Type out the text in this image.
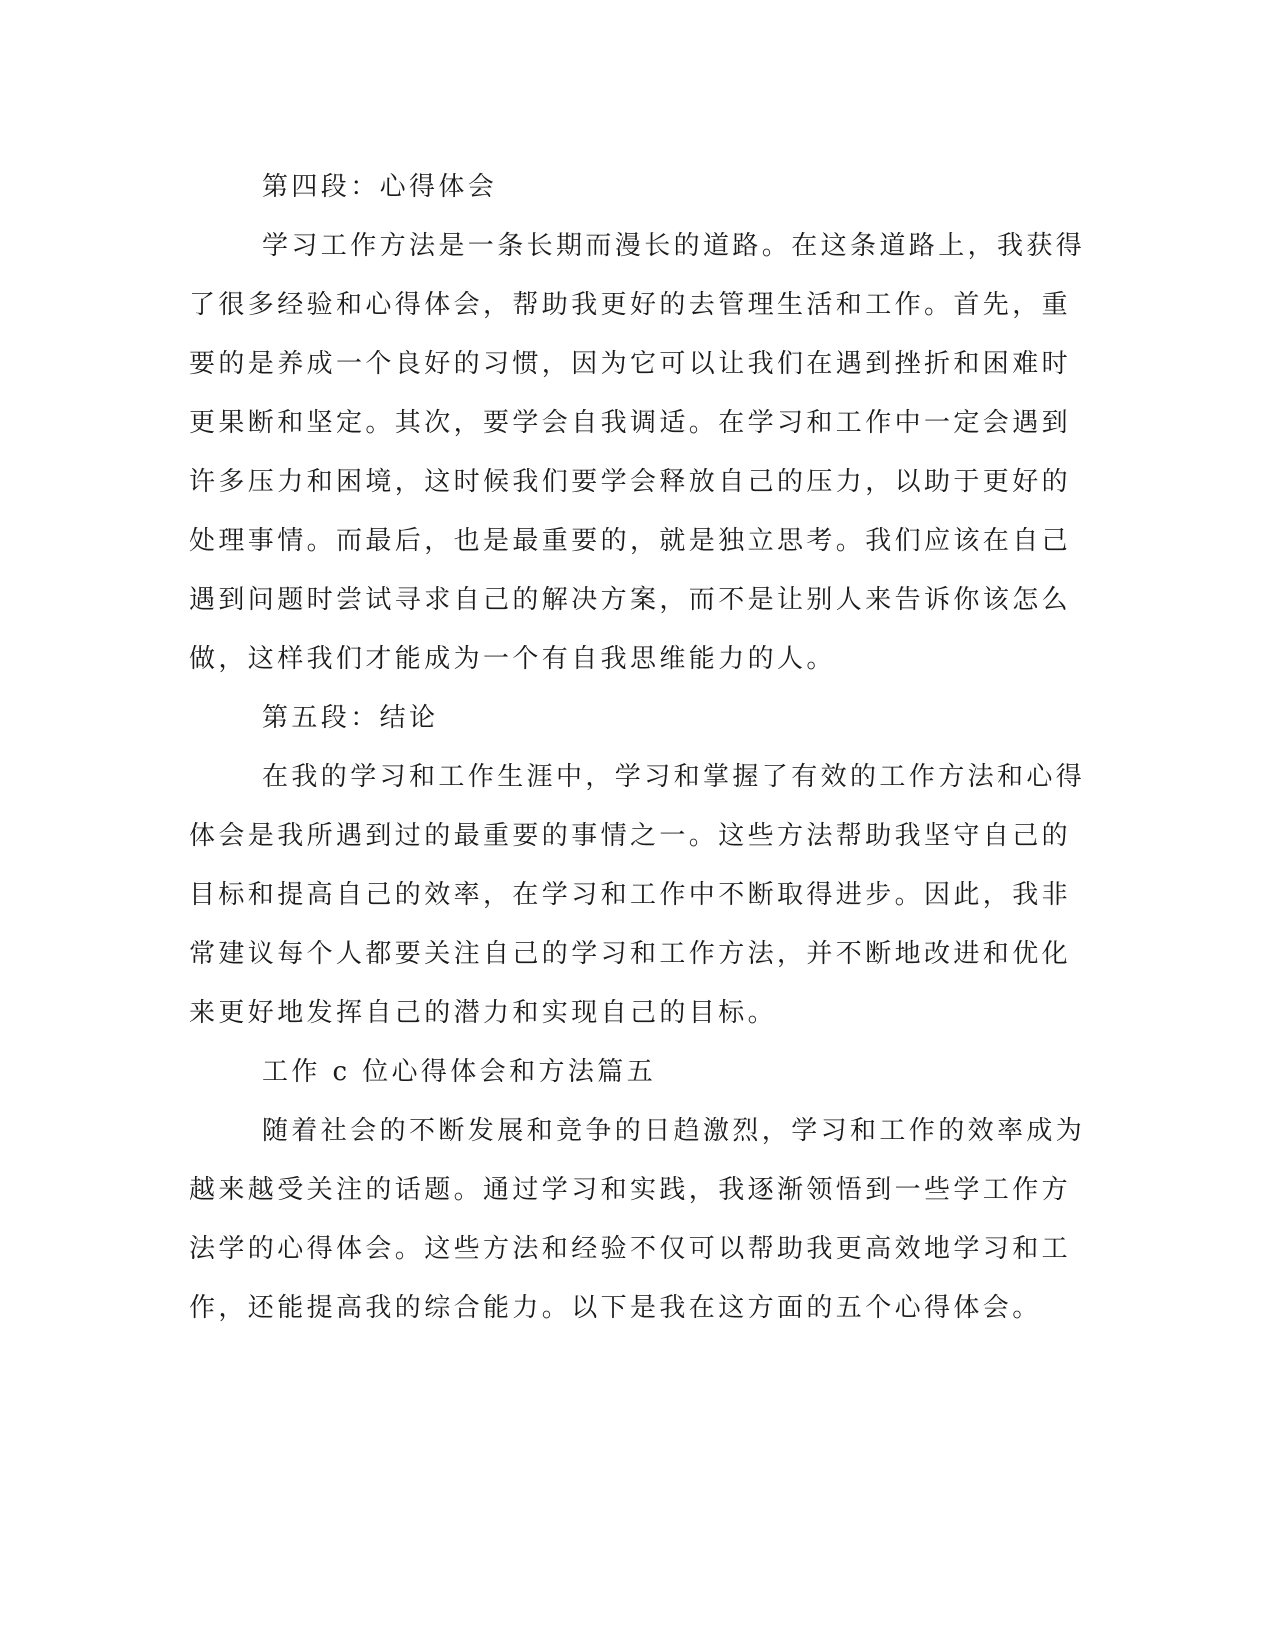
第四段：心得体会
学习工作方法是一条长期而漫长的道路。在这条道路上，我获得
了很多经验和心得体会，帮助我更好的去管理生活和工作。首先，重
要的是养成一个良好的习惯，因为它可以让我们在遇到挫折和困难时
更果断和坚定。其次，要学会自我调适。在学习和工作中一定会遇到
许多压力和困境，这时候我们要学会释放自己的压力，以助于更好的
处理事情。而最后，也是最重要的，就是独立思考。我们应该在自己
遇到问题时尝试寻求自己的解决方案，而不是让别人来告诉你该怎么
做，这样我们才能成为一个有自我思维能力的人。
第五段：结论
在我的学习和工作生涯中，学习和掌握了有效的工作方法和心得
体会是我所遇到过的最重要的事情之一。这些方法帮助我坚守自己的
目标和提高自己的效率，在学习和工作中不断取得进步。因此，我非
常建议每个人都要关注自己的学习和工作方法，并不断地改进和优化
来更好地发挥自己的潜力和实现自己的目标。
工作 c 位心得体会和方法篇五
随着社会的不断发展和竞争的日趋激烈，学习和工作的效率成为
越来越受关注的话题。通过学习和实践，我逐渐领悟到一些学工作方
法学的心得体会。这些方法和经验不仅可以帮助我更高效地学习和工
作，还能提高我的综合能力。以下是我在这方面的五个心得体会。
